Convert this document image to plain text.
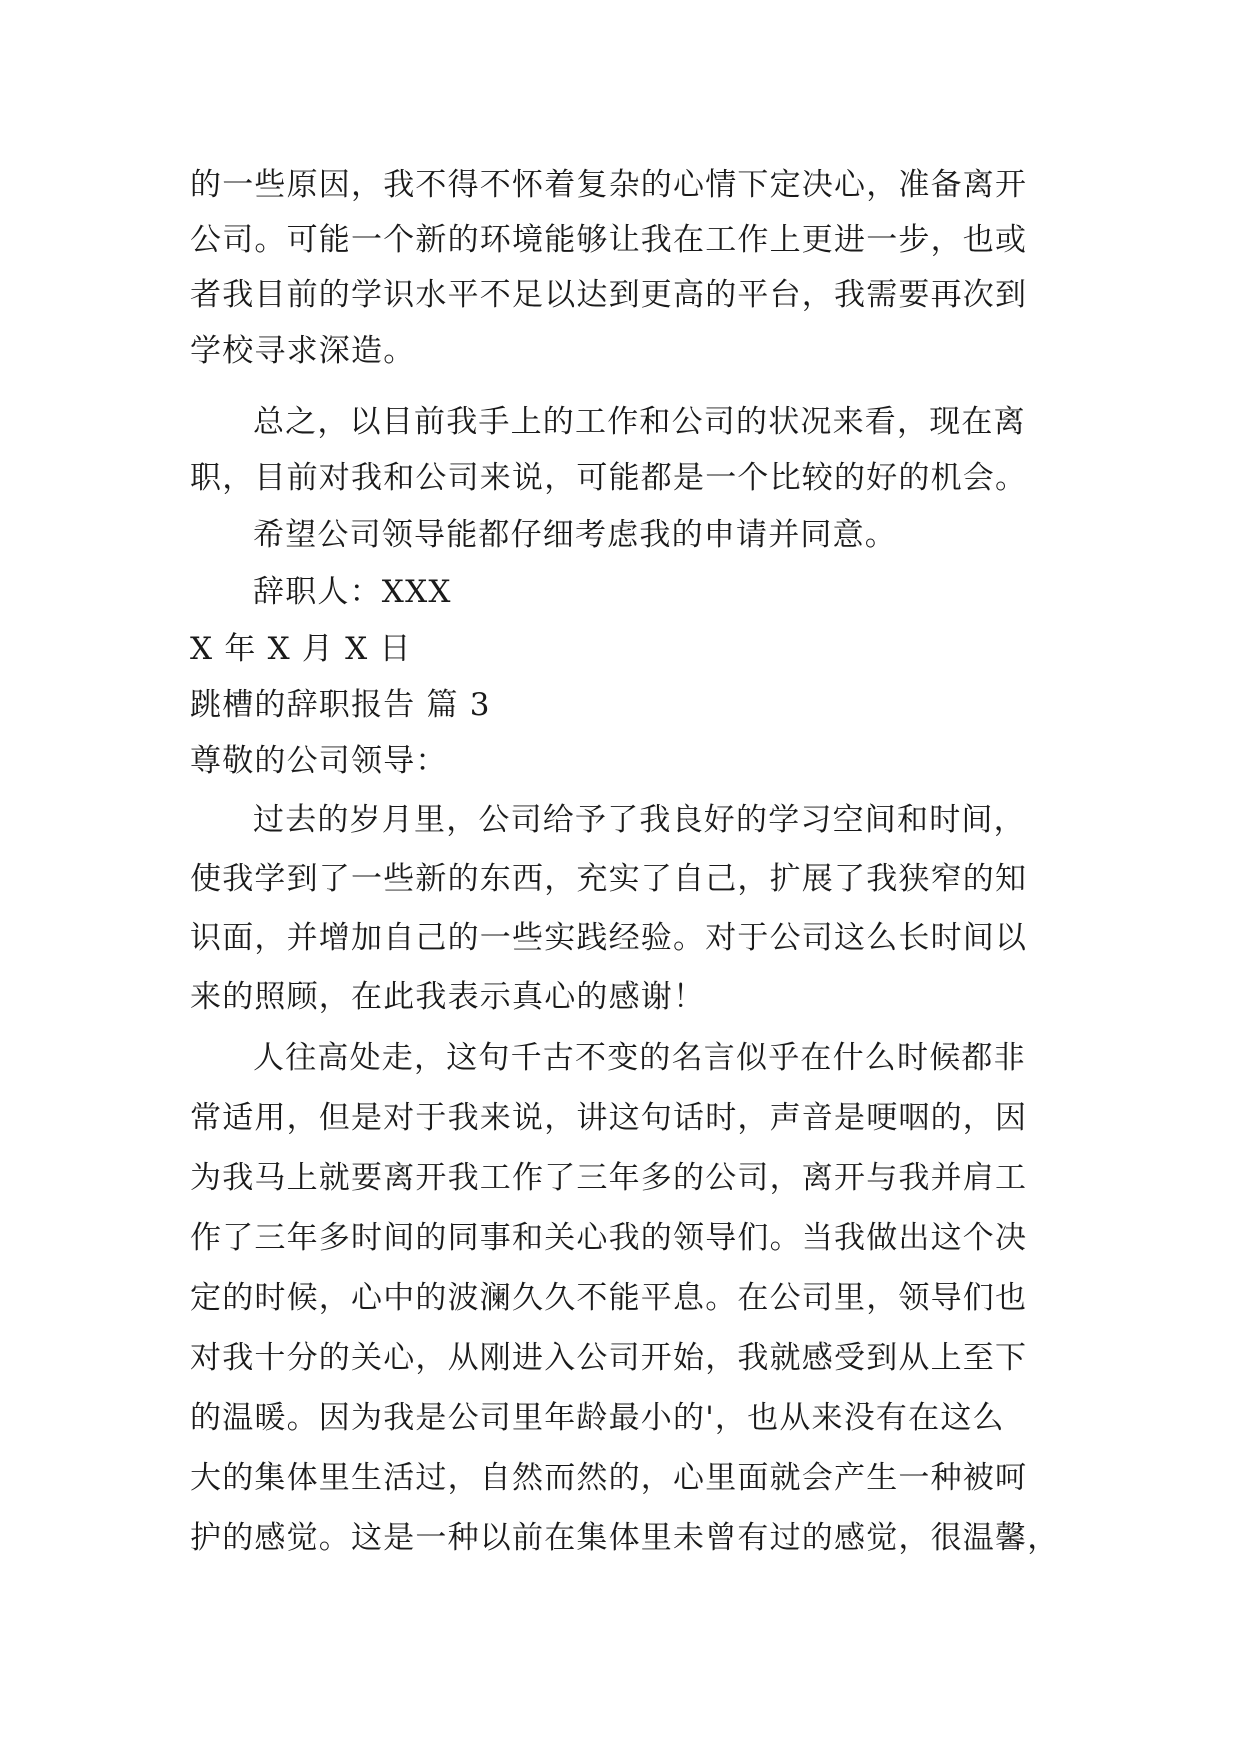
的一些原因，我不得不怀着复杂的心情下定决心，准备离开
公司。可能一个新的环境能够让我在工作上更进一步，也或
者我目前的学识水平不足以达到更高的平台，我需要再次到
学校寻求深造。
总之，以目前我手上的工作和公司的状况来看，现在离
职，目前对我和公司来说，可能都是一个比较的好的机会。
希望公司领导能都仔细考虑我的申请并同意。
辞职人：XXX
X 年 X 月 X 日
跳槽的辞职报告 篇 3
尊敬的公司领导：
过去的岁月里，公司给予了我良好的学习空间和时间，
使我学到了一些新的东西，充实了自己，扩展了我狭窄的知
识面，并增加自己的一些实践经验。对于公司这么长时间以
来的照顾，在此我表示真心的感谢！
人往高处走，这句千古不变的名言似乎在什么时候都非
常适用，但是对于我来说，讲这句话时，声音是哽咽的，因
为我马上就要离开我工作了三年多的公司，离开与我并肩工
作了三年多时间的同事和关心我的领导们。当我做出这个决
定的时候，心中的波澜久久不能平息。在公司里，领导们也
对我十分的关心，从刚进入公司开始，我就感受到从上至下
的温暖。因为我是公司里年龄最小的'，也从来没有在这么
大的集体里生活过，自然而然的，心里面就会产生一种被呵
护的感觉。这是一种以前在集体里未曾有过的感觉，很温馨，
